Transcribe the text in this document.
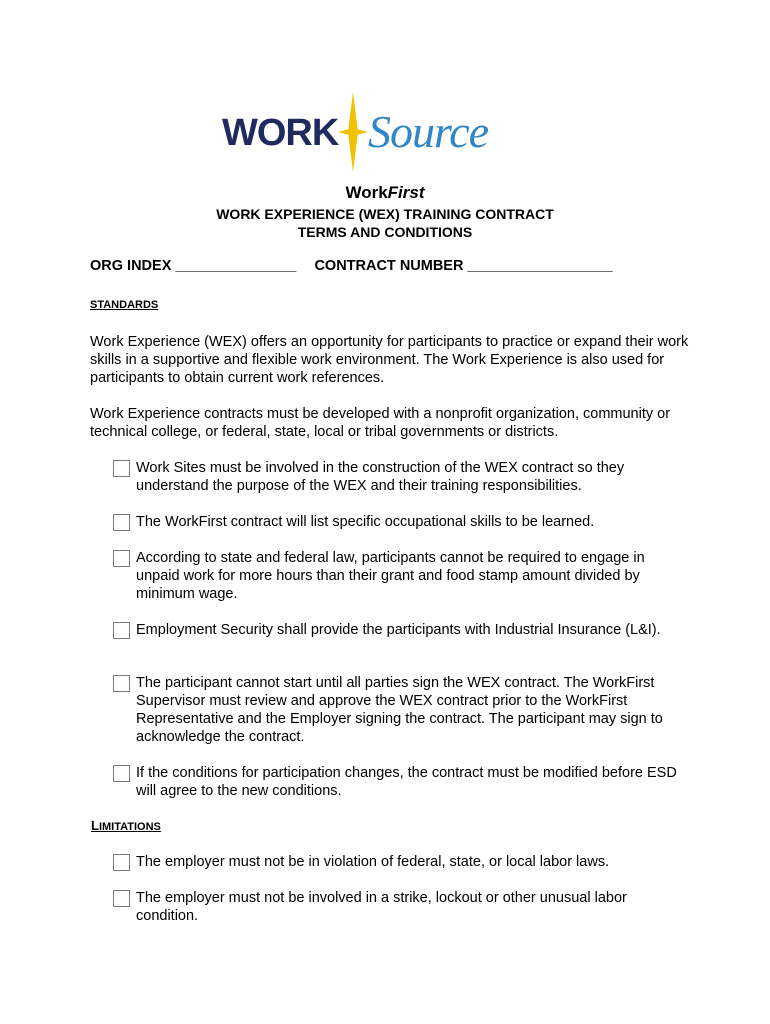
WORK Source
WorkFirst
WORK EXPERIENCE (WEX) TRAINING CONTRACT
TERMS AND CONDITIONS
ORG INDEX _______________ CONTRACT NUMBER __________________
STANDARDS
Work Experience (WEX) offers an opportunity for participants to practice or expand their work skills in a supportive and flexible work environment. The Work Experience is also used for participants to obtain current work references.
Work Experience contracts must be developed with a nonprofit organization, community or technical college, or federal, state, local or tribal governments or districts.
Work Sites must be involved in the construction of the WEX contract so they understand the purpose of the WEX and their training responsibilities.
The WorkFirst contract will list specific occupational skills to be learned.
According to state and federal law, participants cannot be required to engage in unpaid work for more hours than their grant and food stamp amount divided by minimum wage.
Employment Security shall provide the participants with Industrial Insurance (L&I).
The participant cannot start until all parties sign the WEX contract. The WorkFirst Supervisor must review and approve the WEX contract prior to the WorkFirst Representative and the Employer signing the contract. The participant may sign to acknowledge the contract.
If the conditions for participation changes, the contract must be modified before ESD will agree to the new conditions.
LIMITATIONS
The employer must not be in violation of federal, state, or local labor laws.
The employer must not be involved in a strike, lockout or other unusual labor condition.
